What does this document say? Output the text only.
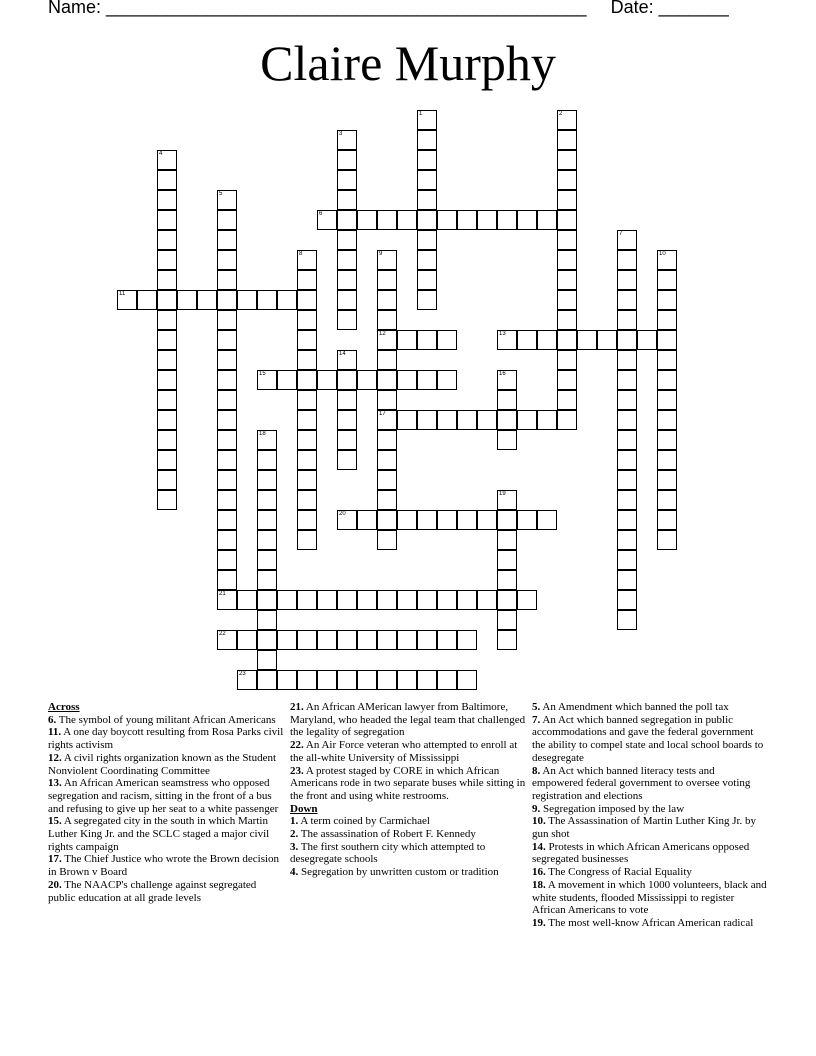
Name: ________________________________________________ Date: _______
Claire Murphy
1	2
3
4
5
21
6
7
8	9
12
17
10
11
13
14
15	16
18
19
20
22
23
Across
6. The symbol of young militant African Americans
11. A one day boycott resulting from Rosa Parks civil rights activism
12. A civil rights organization known as the Student Nonviolent Coordinating Committee
13. An African American seamstress who opposed segregation and racism, sitting in the front of a bus and refusing to give up her seat to a white passenger
15. A segregated city in the south in which Martin Luther King Jr. and the SCLC staged a major civil rights campaign
17. The Chief Justice who wrote the Brown decision in Brown v Board
20. The NAACP's challenge against segregated public education at all grade levels
21. An African AMerican lawyer from Baltimore, Maryland, who headed the legal team that challenged the legality of segregation
22. An Air Force veteran who attempted to enroll at the all-white University of Mississippi
23. A protest staged by CORE in which African Americans rode in two separate buses while sitting in the front and using white restrooms.
Down
1. A term coined by Carmichael
2. The assassination of Robert F. Kennedy
3. The first southern city which attempted to desegregate schools
4. Segregation by unwritten custom or tradition
5. An Amendment which banned the poll tax
7. An Act which banned segregation in public accommodations and gave the federal government the ability to compel state and local school boards to desegregate
8. An Act which banned literacy tests and empowered federal government to oversee voting registration and elections
9. Segregation imposed by the law
10. The Assassination of Martin Luther King Jr. by gun shot
14. Protests in which African Americans opposed segregated businesses
16. The Congress of Racial Equality
18. A movement in which 1000 volunteers, black and white students, flooded Mississippi to register African Americans to vote
19. The most well-know African American radical
